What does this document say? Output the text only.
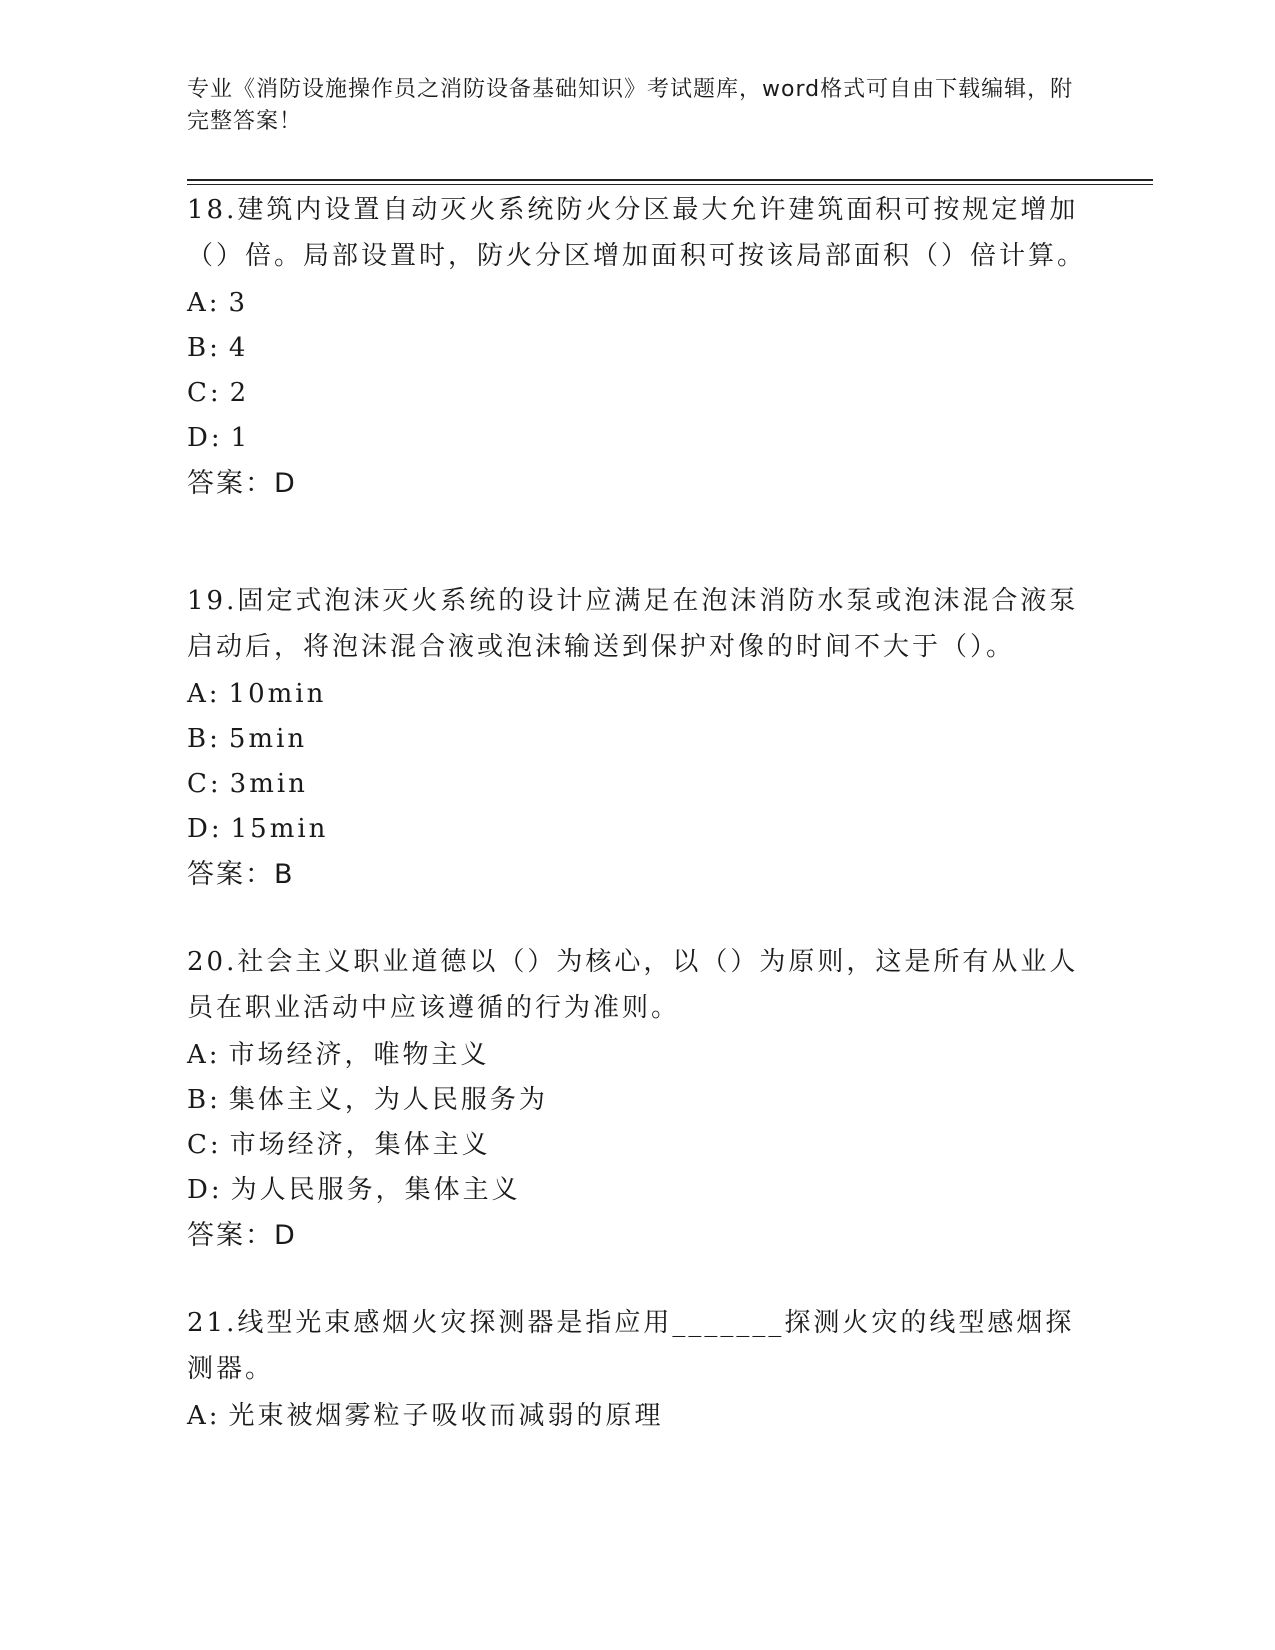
专业《消防设施操作员之消防设备基础知识》考试题库，word格式可自由下载编辑，附完整答案！

18.建筑内设置自动灭火系统防火分区最大允许建筑面积可按规定增加（）倍。局部设置时，防火分区增加面积可按该局部面积（）倍计算。

A: 3

B: 4

C: 2

D: 1

答案：D

19.固定式泡沫灭火系统的设计应满足在泡沫消防水泵或泡沫混合液泵启动后，将泡沫混合液或泡沫输送到保护对像的时间不大于（）。

A: 10min

B: 5min

C: 3min

D: 15min

答案：B

20.社会主义职业道德以（）为核心，以（）为原则，这是所有从业人员在职业活动中应该遵循的行为准则。

A: 市场经济，唯物主义

B: 集体主义，为人民服务为

C: 市场经济，集体主义

D: 为人民服务，集体主义

答案：D

21.线型光束感烟火灾探测器是指应用_______探测火灾的线型感烟探测器。

A: 光束被烟雾粒子吸收而减弱的原理
